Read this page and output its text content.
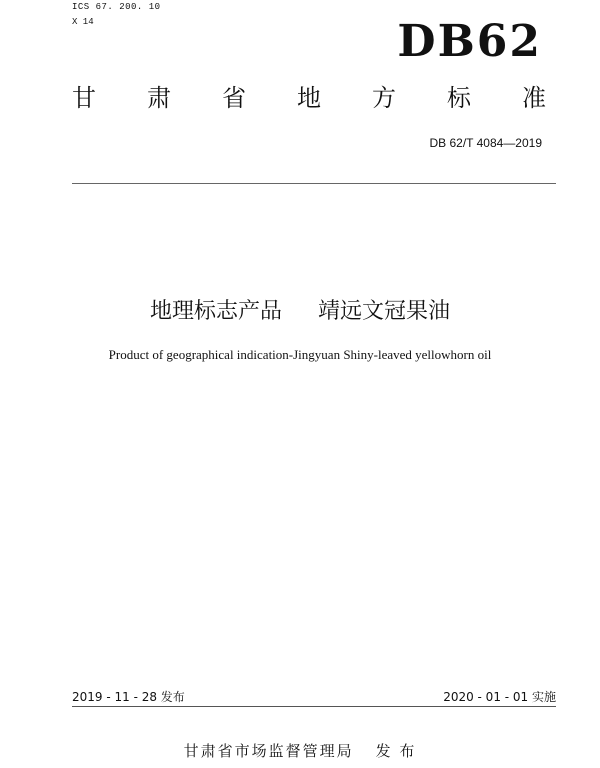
ICS 67. 200. 10
X 14	DB62
甘 肃 省 地 方 标 准
DB 62/T 4084—2019
地理标志产品 靖远文冠果油
Product of geographical indication-Jingyuan Shiny-leaved yellowhorn oil
2019 - 11 - 28 发布	2020 - 01 - 01 实施
甘肃省市场监督管理局 发 布
